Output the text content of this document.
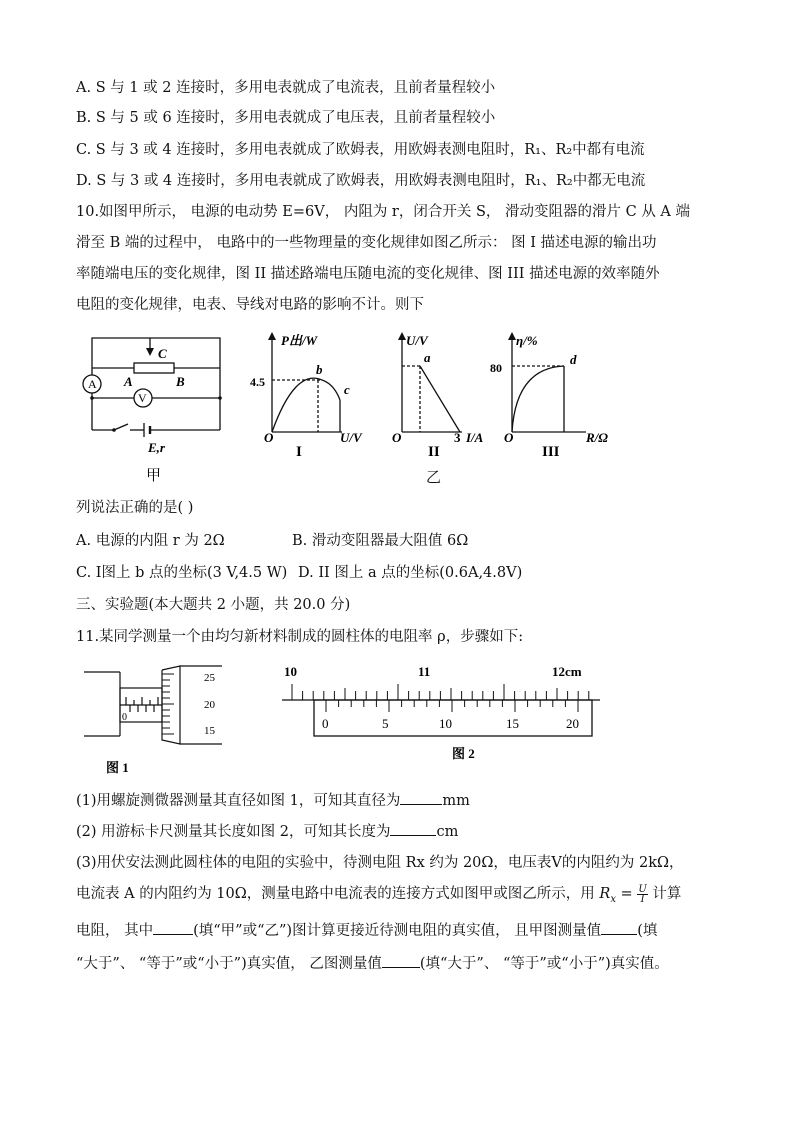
A. S 与 1 或 2 连接时，多用电表就成了电流表，且前者量程较小
B. S 与 5 或 6 连接时，多用电表就成了电压表，且前者量程较小
C. S 与 3 或 4 连接时，多用电表就成了欧姆表，用欧姆表测电阻时，R₁、R₂中都有电流
D. S 与 3 或 4 连接时，多用电表就成了欧姆表，用欧姆表测电阻时，R₁、R₂中都无电流
10.如图甲所示， 电源的电动势 E=6V， 内阻为 r，闭合开关 S， 滑动变阻器的滑片 C 从 A 端
滑至 B 端的过程中， 电路中的一些物理量的变化规律如图乙所示： 图 I 描述电源的输出功
率随端电压的变化规律，图 II 描述路端电压随电流的变化规律、图 III 描述电源的效率随外
电阻的变化规律，电表、导线对电路的影响不计。则下
A
V
C
A	B
E,r
甲
P出/W
U/V
O
4.5
b
c
I
U/V
I/A
O	3
a
II
η/%
R/Ω
O
80
d
III
乙
列说法正确的是( )
A. 电源的内阻 r 为 2Ω	B. 滑动变阻器最大阻值 6Ω
C. I图上 b 点的坐标(3 V,4.5 W) D. II 图上 a 点的坐标(0.6A,4.8V)
三、实验题(本大题共 2 小题，共 20.0 分)
11.某同学测量一个由均匀新材料制成的圆柱体的电阻率 ρ，步骤如下:
25
20
15
0
图 1
10	11	12cm
0	5	10	15	20
图 2
(1)用螺旋测微器测量其直径如图 1，可知其直径为	mm
(2) 用游标卡尺测量其长度如图 2，可知其长度为	cm
(3)用伏安法测此圆柱体的电阻的实验中，待测电阻 Rx 约为 20Ω，电压表V的内阻约为 2kΩ，
电流表 A 的内阻约为 10Ω，测量电路中电流表的连接方式如图甲或图乙所示，用 $R_x = \frac{U}{I}$ 计算
电阻， 其中	(填“甲”或“乙”)图计算更接近待测电阻的真实值， 且甲图测量值 (填
“大于”、 “等于”或“小于”)真实值， 乙图测量值	(填“大于”、 “等于”或“小于”)真实值。
